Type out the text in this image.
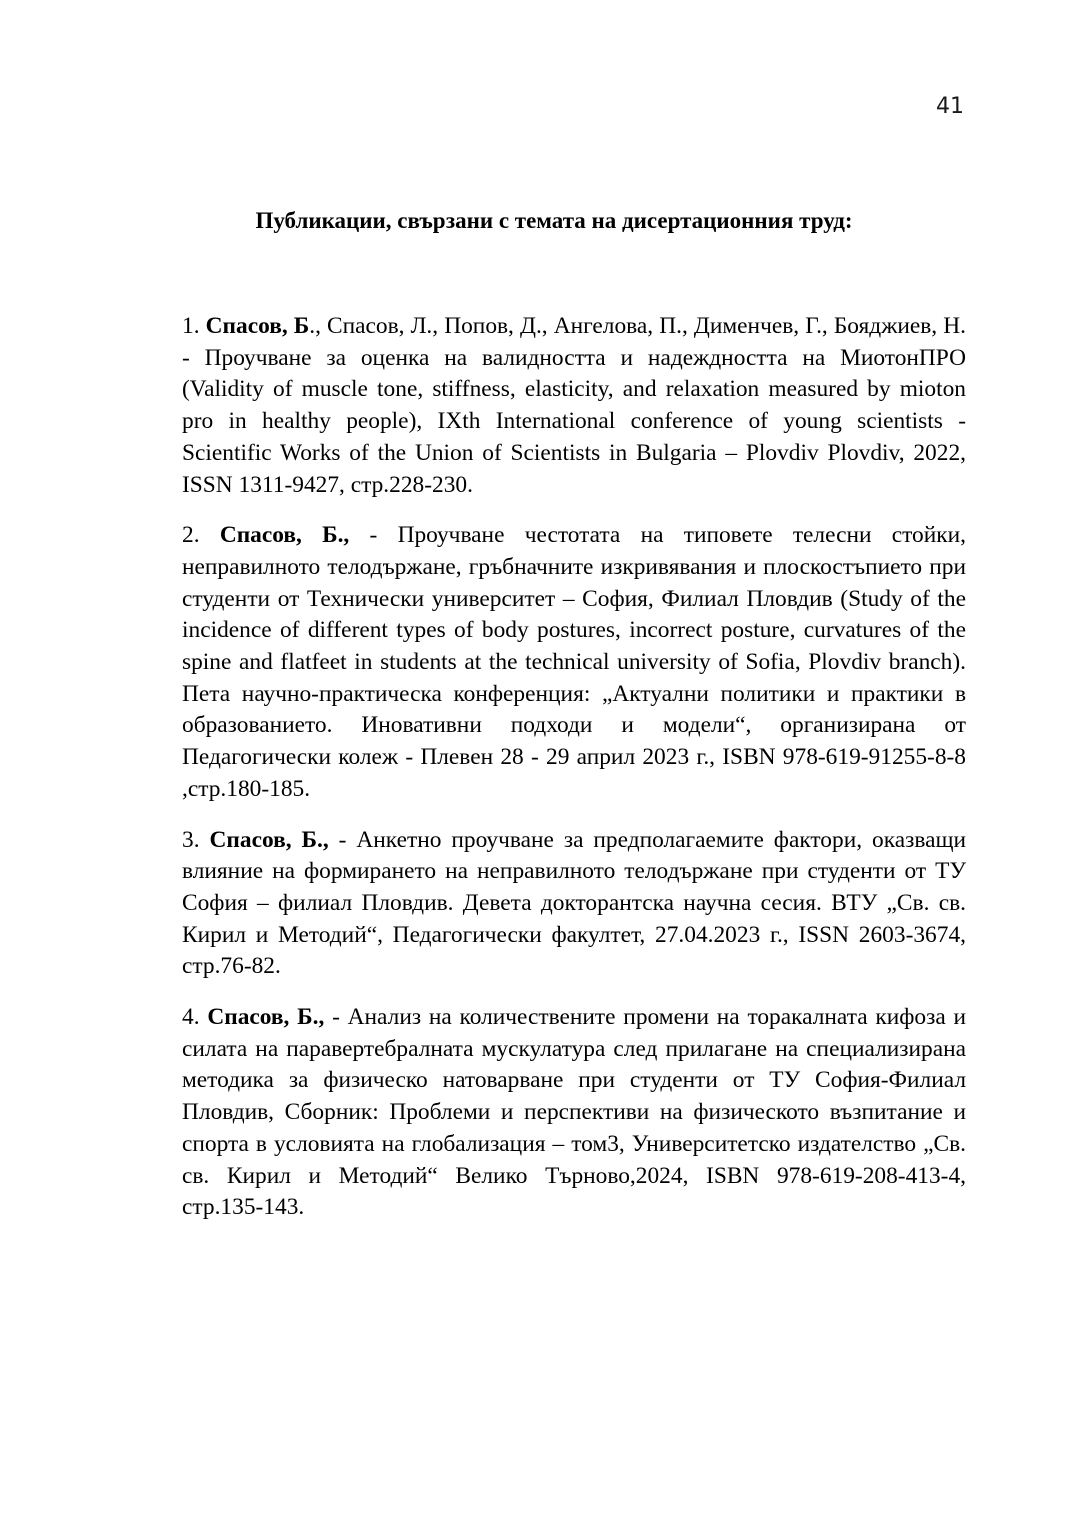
41
Публикации, свързани с темата на дисертационния труд:

1. Спасов, Б., Спасов, Л., Попов, Д., Ангелова, П., Дименчев, Г., Бояджиев, Н. - Проучване за оценка на валидността и надеждността на МиотонПРО (Validity of muscle tone, stiffness, elasticity, and relaxation measured by mioton pro in healthy people), IXth International conference of young scientists - Scientific Works of the Union of Scientists in Bulgaria – Plovdiv Plovdiv, 2022, ISSN 1311-9427, стр.228-230.

2. Спасов, Б., - Проучване честотата на типовете телесни стойки, неправилното телодържане, гръбначните изкривявания и плоскостъпието при студенти от Технически университет – София, Филиал Пловдив (Study of the incidence of different types of body postures, incorrect posture, curvatures of the spine and flatfeet in students at the technical university of Sofia, Plovdiv branch). Пета научно-практическа конференция: „Актуални политики и практики в образованието. Иновативни подходи и модели“, организирана от Педагогически колеж - Плевен 28 - 29 април 2023 г., ISBN 978-619-91255-8-8 ,стр.180-185.

3. Спасов, Б., - Анкетно проучване за предполагаемите фактори, оказващи влияние на формирането на неправилното телодържане при студенти от ТУ София – филиал Пловдив. Девета докторантска научна сесия. ВТУ „Св. св. Кирил и Методий“, Педагогически факултет, 27.04.2023 г., ISSN 2603-3674, стр.76-82.

4. Спасов, Б., - Анализ на количествените промени на торакалната кифоза и силата на паравертебралната мускулатура след прилагане на специализирана методика за физическо натоварване при студенти от ТУ София-Филиал Пловдив, Сборник: Проблеми и перспективи на физическото възпитание и спорта в условията на глобализация – том3, Университетско издателство „Св. св. Кирил и Методий“ Велико Търново,2024, ISBN 978-619-208-413-4, стр.135-143.
